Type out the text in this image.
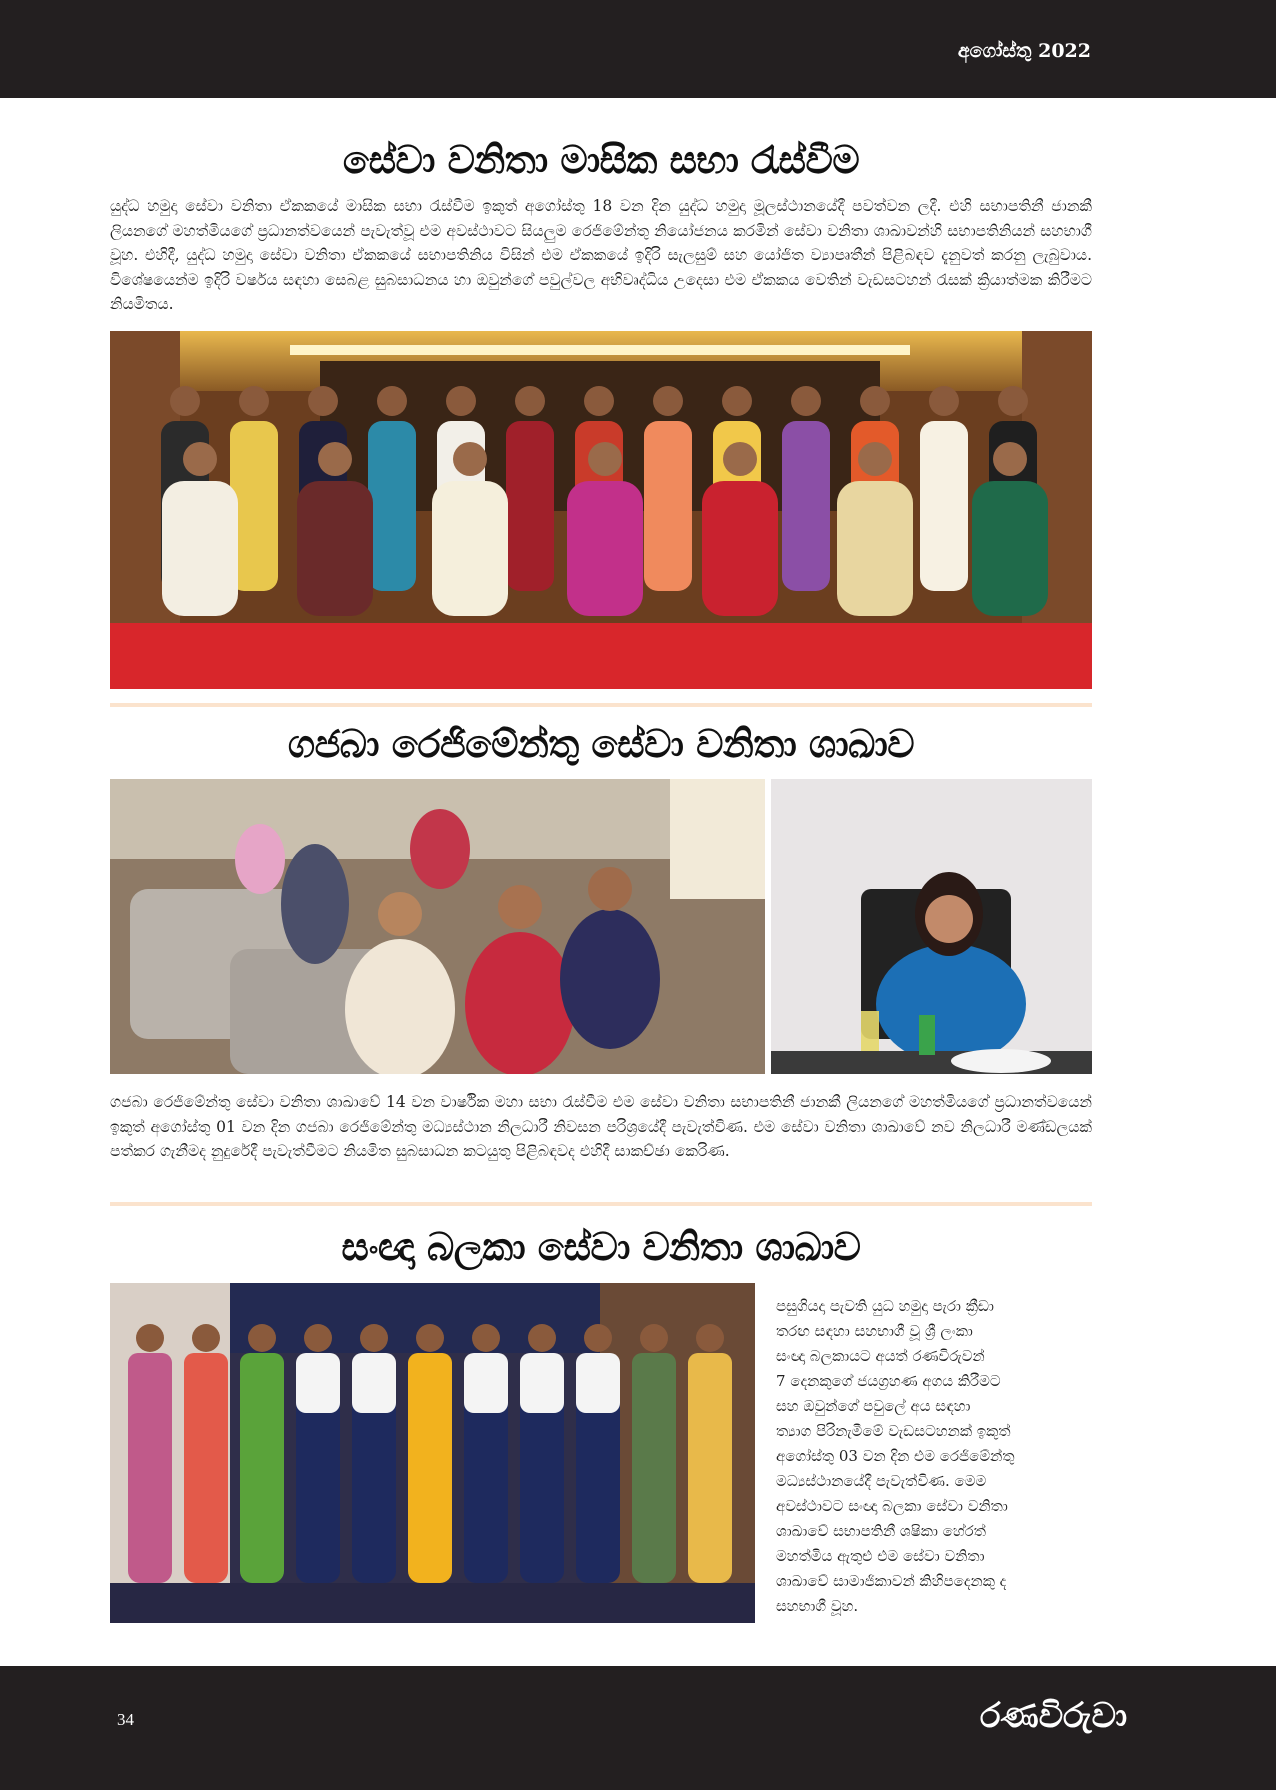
අගෝස්තු 2022
සේවා වනිතා මාසික සභා රැස්වීම
යුද්ධ හමුදා සේවා වනිතා ඒකකයේ මාසික සභා රැස්වීම ඉකුත් අගෝස්තු 18 වන දින යුද්ධ හමුදා මූලස්ථානයේදී පවත්වන ලදී. එහි සභාපතිනී ජානකී ලියනගේ මහත්මියගේ ප්‍රධානත්වයෙන් පැවැත්වූ එම අවස්ථාවට සියලුම රෙජිමේන්තු නියෝජනය කරමින් සේවා වනිතා ශාඛාවන්හි සභාපතිනියන් සහභාගී වූහ. එහිදී, යුද්ධ හමුදා සේවා වනිතා ඒකකයේ සභාපතිනිය විසින් එම ඒකකයේ ඉදිරි සැලසුම් සහ යෝජිත ව්‍යාපෘතීන් පිළිබඳව දැනුවත් කරනු ලැබුවාය. විශේෂයෙන්ම ඉදිරි වර්ෂය සඳහා සෙබළ සුබසාධනය හා ඔවුන්ගේ පවුල්වල අභිවෘද්ධිය උදෙසා එම ඒකකය වෙතින් වැඩසටහන් රැසක් ක්‍රියාත්මක කිරීමට නියමිතය.
ගජබා රෙජිමේන්තු සේවා වනිතා ශාඛාව
ගජබා රෙජිමේන්තු සේවා වනිතා ශාඛාවේ 14 වන වාර්ෂික මහා සභා රැස්වීම එම සේවා වනිතා සභාපතිනී ජානකී ලියනගේ මහත්මියගේ ප්‍රධානත්වයෙන් ඉකුත් අගෝස්තු 01 වන දින ගජබා රෙජිමේන්තු මධ්‍යස්ථාන නිලධාරී නිවසන පරිශ්‍රයේදී පැවැත්විණ. එම සේවා වනිතා ශාඛාවේ නව නිලධාරී මණ්ඩලයක් පත්කර ගැනීමද නුදුරේදී පැවැත්වීමට නියමිත සුබසාධන කටයුතු පිළිබඳවද එහිදී සාකච්ඡා කෙරිණ.
සංඥා බලකා සේවා වනිතා ශාඛාව
පසුගියදා පැවති යුධ හමුදා පැරා ක්‍රීඩා
තරඟ සඳහා සහභාගී වූ ශ්‍රී ලංකා
සංඥා බලකායට අයත් රණවිරුවන්
7 දෙනකුගේ ජයග්‍රහණ අගය කිරීමට
සහ ඔවුන්ගේ පවුලේ අය සඳහා
ත්‍යාග පිරිනැමීමේ වැඩසටහනක් ඉකුත්
අගෝස්තු 03 වන දින එම රෙජිමේන්තු
මධ්‍යස්ථානයේදී පැවැත්විණ. මෙම
අවස්ථාවට සංඥා බලකා සේවා වනිතා
ශාඛාවේ සභාපතිනී ශෂිකා හේරත්
මහත්මිය ඇතුළු එම සේවා වනිතා
ශාඛාවේ සාමාජිකාවන් කිහිපදෙනකු ද
සහභාගී වූහ.
34	රණවිරුවා
